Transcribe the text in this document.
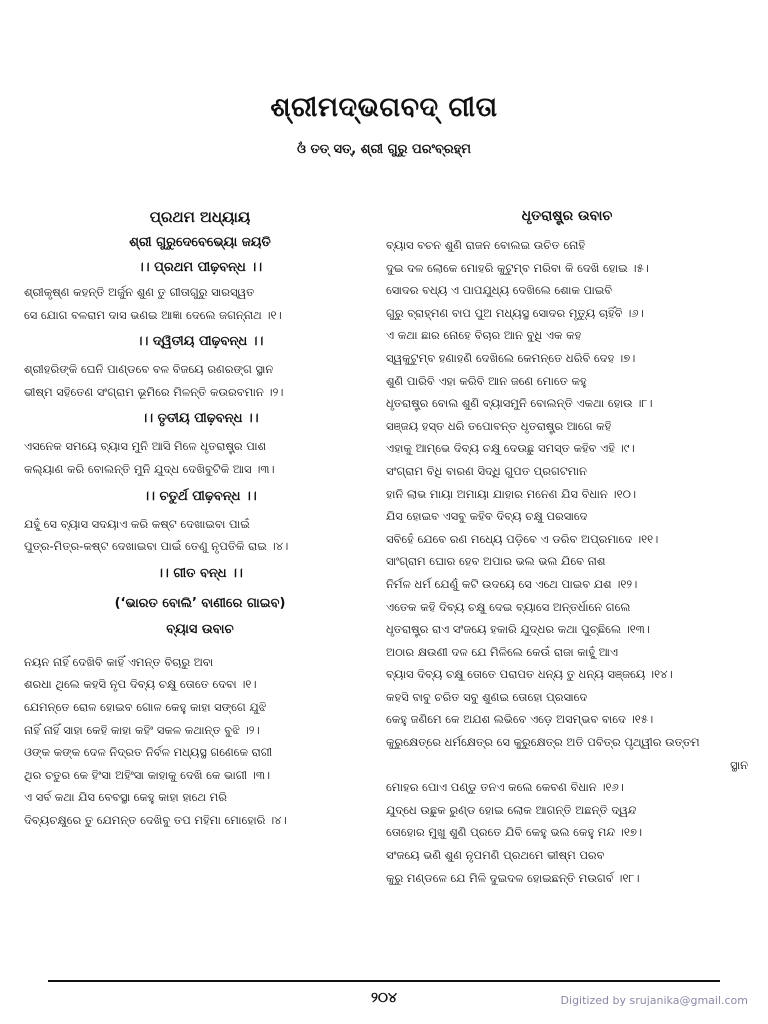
ଶ୍ରୀମଦ୍‌ଭଗବଦ୍‌ ଗୀତା
ଓଁ ତତ୍‌ ସତ୍‌, ଶ୍ରୀ ଗୁରୁ ପରଂବ୍ରହ୍ମ
ପ୍ରଥମ ଅଧ୍ୟାୟ
ଶ୍ରୀ ଗୁରୁଦେବେଭ୍ୟୋ ଜୟତି
।। ପ୍ରଥମ ପୀଢ଼ବନ୍ଧ ।।
ଶ୍ରୀକୃଷ୍ଣ କହନ୍ତି ଅର୍ଜୁନ ଶୁଣ ତୁ ଗୀତାଗୁରୁ ସାରସ୍ୱତ
ସେ ଯୋଗ ବଳରାମ ଦାସ ଭଣଇ ଆଜ୍ଞା ଦେଲେ ଜଗନ୍ନାଥ ।୧।
।। ଦ୍ୱିତୀୟ ପୀଢ଼ବନ୍ଧ ।।
ଶ୍ରୀହରିଙ୍କି ଘେନି ପାଣ୍ଡବେ ବଳ ବିଜୟେ ରଣରଙ୍ଗ ସ୍ଥାନ
ଭୀଷ୍ମ ସହିତେଣ ସଂଗ୍ରାମ ଭୂମିରେ ମିଳନ୍ତି କଉରବମାନ ।୨।
।। ତୃତୀୟ ପୀଢ଼ବନ୍ଧ ।।
ଏସନେକ ସମୟେ ବ୍ୟାସ ମୁନି ଆସି ମିଳେ ଧୃତରାଷ୍ଟ୍ର ପାଶ
କଲ୍ୟାଣ କରି ବୋଲନ୍ତି ମୁନି ଯୁଦ୍ଧ ଦେଖିବୁଟିକି ଆସ ।୩।
।। ଚତୁର୍ଥ ପୀଢ଼ବନ୍ଧ ।।
ଯହୁଁ ସେ ବ୍ୟାସ ସଦୟାଏ କରି କଷ୍ଟ ଦେଖାଇବା ପାଇଁ
ପୁତ୍ର-ମିତ୍ର-କଷ୍ଟ ଦେଖାଇବା ପାଇଁ ତେଣୁ ନୃପତିକି ରାଇ ।୪।
।। ଗୀତ ବନ୍ଧ ।।
(‘ଭାରତ ବୋଲି’ ବାଣୀରେ ଗାଇବ)
ବ୍ୟାସ ଉବାଚ
ନୟନ ନାହିଁ ଦେଖିବି କାହିଁ ଏମନ୍ତ ବିଚାରୁ ଅବା
ଶରଧା ଥିଲେ କହସି ନୃପ ଦିବ୍ୟ ଚକ୍ଷୁ ତୋତେ ଦେବା ।୧।
ଯେମନ୍ତେ ରୋଳ ହୋଇବ ଗୋଳ କେହୁ କାହା ସଙ୍ଗେ ଯୁଝି
ନାହିଁ ନାହିଁ ସାହା କେହି କାହା କହିଂ ସକଳ କଥାନ୍ତ ବୁଝି ।୨।
ଓଙ୍କ କଙ୍କ ଦେଳ ନିଦ୍ରତ ନିର୍ବଳ ମଧ୍ୟସ୍ଥ ଗଣେକେ ରାଗୀ
ଥିର ଚତୁର କେ ହିଂସା ଅହିଂସା କାହାକୁ ଦେଖି କେ ଭାଗୀ ।୩।
ଏ ସର୍ବ କଥା ଯିସ ବେବସ୍ଥା କେହୁ କାହା ହାଥେ ମରି
ଦିବ୍ୟଚକ୍ଷୁରେ ତୁ ଯେମନ୍ତ ଦେଖିବୁ ତପ ମହିମା ମୋହୋରି ।୪।
ଧୃତରାଷ୍ଟ୍ର ଉବାଚ
ବ୍ୟାସ ବଚନ ଶୁଣି ରାଜନ ବୋଲଇ ଉଚିତ ନୋହି
ଦୁଇ ଦଳ ଲୋକେ ମୋହରି କୁଟୁମ୍ବ ମରିବା କି ଦେଖି ହୋଇ ।୫।
ସୋଦର ବଧ୍ୟ ଏ ପାପଯୁଧ୍ୟ ଦେଖିଲେ ଶୋକ ପାଇବି
ଗୁରୁ ବ୍ରାହ୍ମଣ ବାପ ପୁଅ ମଧ୍ୟସ୍ଥ ସୋଦର ମୃତ୍ୟୁ ଚାହିଁବି ।୬।
ଏ କଥା ଛାର ନୋହେ ବିଚାର ଆନ ବୁଧି ଏକ କହ
ସ୍ୱକୁଟୁମ୍ବ ହଣାହଣି ଦେଖିଲେ କେମନ୍ତେ ଧରିବି ଦେହ ।୭।
ଶୁଣି ପାରିବି ଏହା କରିବି ଆନ ଜଣେ ମୋତେ କହୁ
ଧୃତରାଷ୍ଟ୍ର ବୋଲ ଶୁଣି ବ୍ୟାସମୁନି ବୋଲନ୍ତି ଏକଥା ହୋଉ ।୮।
ସଞ୍ଜୟ ହସ୍ତ ଧରି ତପୋବନ୍ତ ଧୃତରାଷ୍ଟ୍ର ଆଗେ କହି
ଏହାକୁ ଆମ୍ଭେ ଦିବ୍ୟ ଚକ୍ଷୁ ଦେଉଛୁ ସମସ୍ତ କହିବ ଏହି ।୯।
ସଂଗ୍ରାମ ବିଧି ବାରଣ ସିଦ୍ଧି ଗୁପତ ପ୍ରଗଟମାନ
ହାନି ଲାଭ ମାୟା ଅମାୟା ଯାହାର ମନେଣ ଯିସ ବିଧାନ ।୧୦।
ଯିସ ହୋଇବ ଏସବୁ କହିବ ଦିବ୍ୟ ଚକ୍ଷୁ ପରସାଦେ
ସବିହେଁ ଯେବେ ରଣ ମଧ୍ୟେ ପଡ଼ିବେ ଏ ଡରିବ ଅପ୍ରମାଦେ ।୧୧।
ସାଂଗ୍ରାମ ଘୋର ହେବ ଅପାର ଭଲ ଭଲ ଯିବେ ନାଶ
ନିର୍ମଳ ଧର୍ମ ଯେଣୁଁ କଟି ଉଦୟେ ସେ ଏଥେ ପାଇବ ଯଶ ।୧୨।
ଏତେକ କହି ଦିବ୍ୟ ଚକ୍ଷୁ ଦେଇ ବ୍ୟାସେ ଅନ୍ତର୍ଧାନେ ଗଲେ
ଧୃତରାଷ୍ଟ୍ର ରାଏ ସଂଜୟେ ହକାରି ଯୁଦ୍ଧର କଥା ପୁଚ୍ଛିଲେ ।୧୩।
ଅଠାର କ୍ଷଉଣୀ ଦଳ ଯେ ମିଳିଲେ କେଉଁ ରାଜା କାହୁଁ ଆଏ
ବ୍ୟାସ ଦିବ୍ୟ ଚକ୍ଷୁ ତୋତେ ପରାପତ ଧନ୍ୟ ତୁ ଧନ୍ୟ ସଞ୍ଜୟେ ।୧୪।
କହସି ବାବୁ ଚରିତ ସବୁ ଶୁଣଇ ତୋହୋ ପ୍ରସାଦେ
କେହୁ ଜଣିମେ କେ ଅଯଶ ଲଭିବେ ଏଡ଼େ ଅସମ୍ଭବ ବାଦେ ।୧୫।
କୁରୁକ୍ଷେତ୍ରେ ଧର୍ମକ୍ଷେତ୍ର ସେ କୁରୁକ୍ଷେତ୍ର ଅତି ପବିତ୍ର ପୃଥ୍ୱୀର ଉତ୍ତମ
ସ୍ଥାନ
ମୋହର ପୋଏ ପଣ୍ଡୁ ତନଏ କଲେ କେବଣ ବିଧାନ ।୧୬।
ଯୁଦ୍ଧେ ଉଛୁକ ରୁଣ୍ଡ ହୋଇ ଲୋକ ଆଗନ୍ତି ଅଛନ୍ତି ଦ୍ୱନ୍ଦ
ତୋହୋର ମୁଖୁ ଶୁଣି ପ୍ରତେ ଯିବି କେହୁ ଭଲ କେହୁ ମନ୍ଦ ।୧୭।
ସଂଜୟେ ଭଣି ଶୁଣ ନୃପମଣି ପ୍ରଥମେ ଭୀଷ୍ମ ପରବ
କୁରୁ ମଣ୍ଡଳେ ଯେ ମିଳି ଦୁଇଦଳ ହୋଇଛନ୍ତି ମଉଗର୍ବ ।୧୮।
୨୦୪	Digitized by srujanika@gmail.com
